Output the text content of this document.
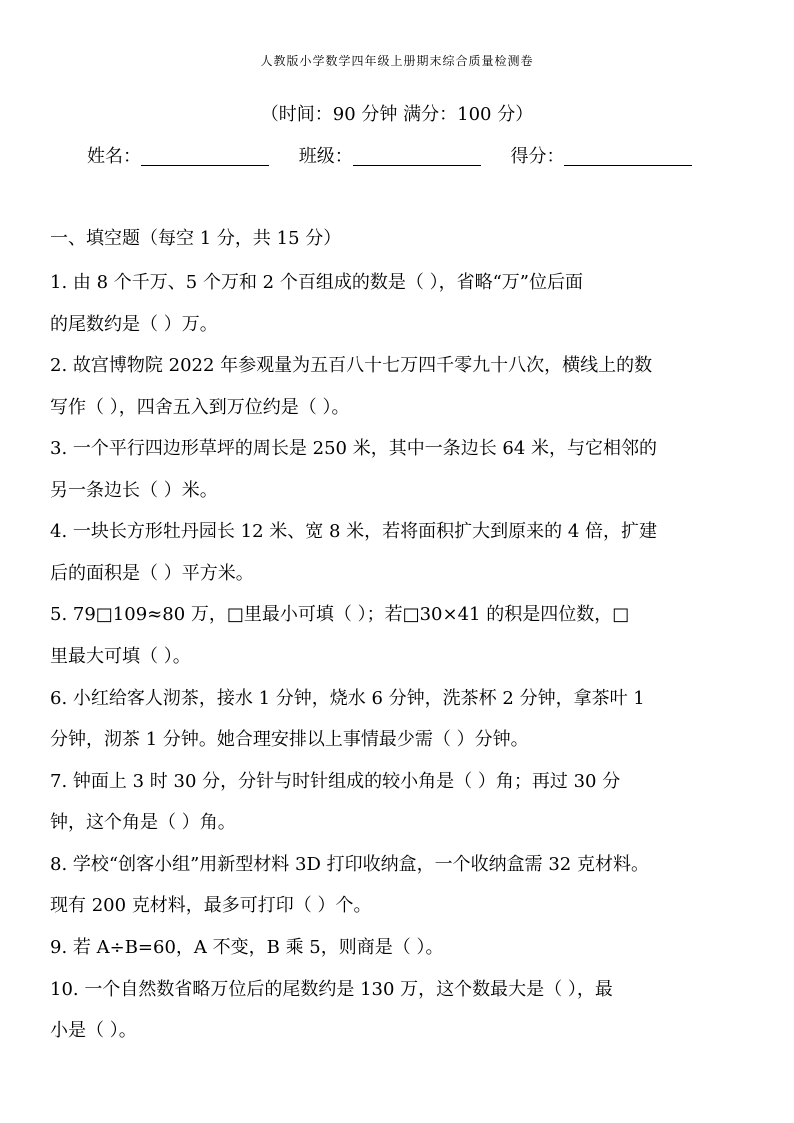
人教版小学数学四年级上册期末综合质量检测卷
（时间：90 分钟 满分：100 分）
姓名：	班级：	得分：
一、填空题（每空 1 分，共 15 分）
1. 由 8 个千万、5 个万和 2 个百组成的数是（ ），省略“万”位后面
的尾数约是（ ）万。
2. 故宫博物院 2022 年参观量为五百八十七万四千零九十八次，横线上的数
写作（ ），四舍五入到万位约是（ ）。
3. 一个平行四边形草坪的周长是 250 米，其中一条边长 64 米，与它相邻的
另一条边长（ ）米。
4. 一块长方形牡丹园长 12 米、宽 8 米，若将面积扩大到原来的 4 倍，扩建
后的面积是（ ）平方米。
5. 79□109≈80 万，□里最小可填（ ）；若□30×41 的积是四位数，□
里最大可填（ ）。
6. 小红给客人沏茶，接水 1 分钟，烧水 6 分钟，洗茶杯 2 分钟，拿茶叶 1
分钟，沏茶 1 分钟。她合理安排以上事情最少需（ ）分钟。
7. 钟面上 3 时 30 分，分针与时针组成的较小角是（ ）角；再过 30 分
钟，这个角是（ ）角。
8. 学校“创客小组”用新型材料 3D 打印收纳盒，一个收纳盒需 32 克材料。
现有 200 克材料，最多可打印（ ）个。
9. 若 A÷B=60，A 不变，B 乘 5，则商是（ ）。
10. 一个自然数省略万位后的尾数约是 130 万，这个数最大是（ ），最
小是（ ）。
